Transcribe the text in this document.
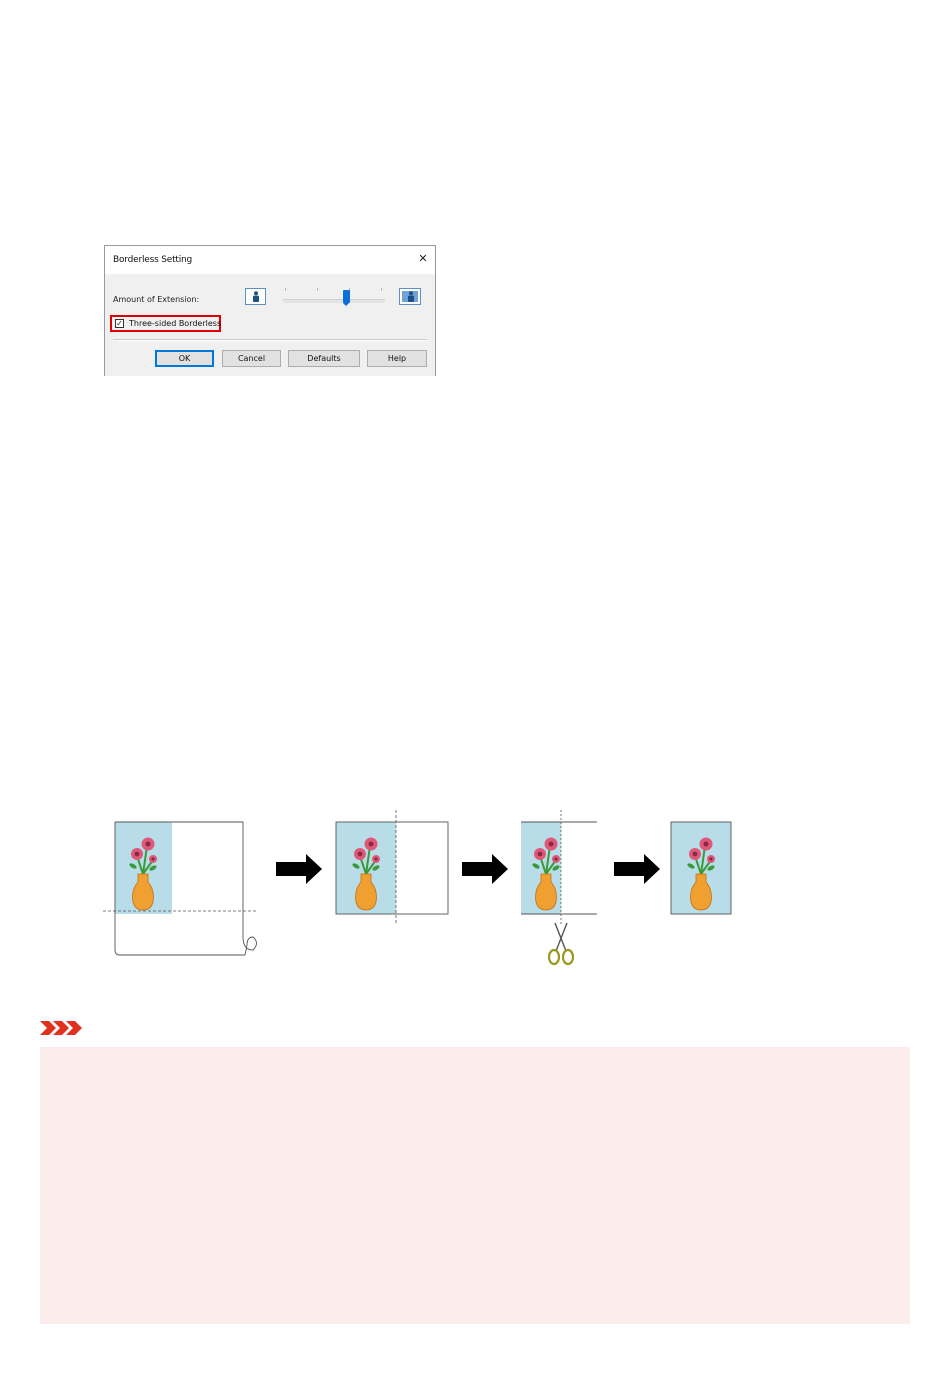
Borderless Setting	✕
Amount of Extension:
✓ Three-sided Borderless
OK	Cancel	Defaults	Help
